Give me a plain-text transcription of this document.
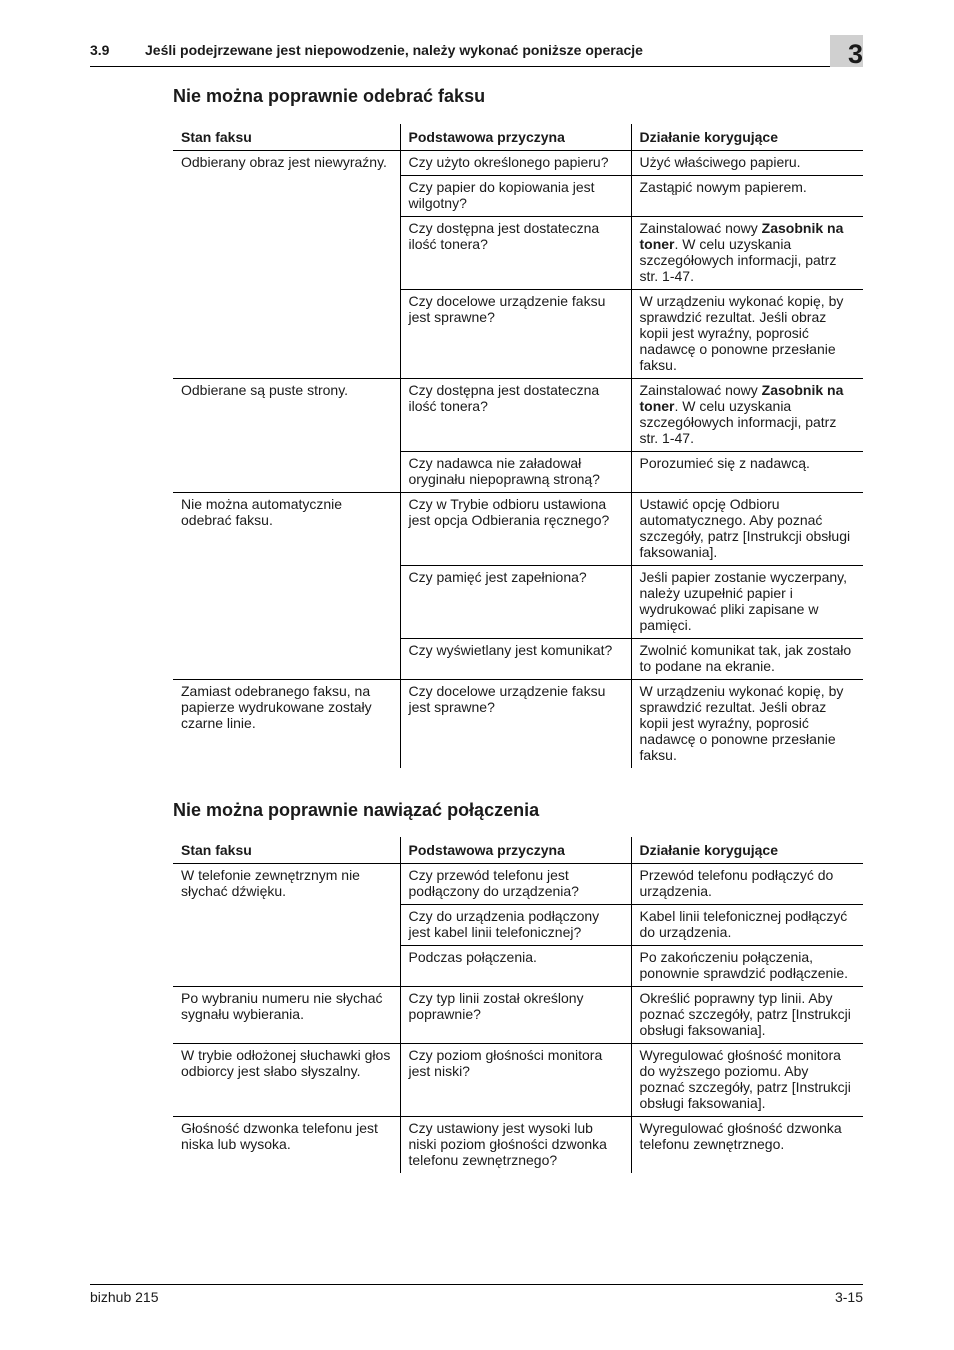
3.9	Jeśli podejrzewane jest niepowodzenie, należy wykonać poniższe operacje	3
Nie można poprawnie odebrać faksu
Stan faksu	Podstawowa przyczyna	Działanie korygujące
Odbierany obraz jest niewyraźny.	Czy użyto określonego papieru?	Użyć właściwego papieru.
	Czy papier do kopiowania jest wilgotny?	Zastąpić nowym papierem.
	Czy dostępna jest dostateczna ilość tonera?	Zainstalować nowy Zasobnik na toner. W celu uzyskania szczegółowych informacji, patrz str. 1-47.
	Czy docelowe urządzenie faksu jest sprawne?	W urządzeniu wykonać kopię, by sprawdzić rezultat. Jeśli obraz kopii jest wyraźny, poprosić nadawcę o ponowne przesłanie faksu.
Odbierane są puste strony.	Czy dostępna jest dostateczna ilość tonera?	Zainstalować nowy Zasobnik na toner. W celu uzyskania szczegółowych informacji, patrz str. 1-47.
	Czy nadawca nie załadował oryginału niepoprawną stroną?	Porozumieć się z nadawcą.
Nie można automatycznie odebrać faksu.	Czy w Trybie odbioru ustawiona jest opcja Odbierania ręcznego?	Ustawić opcję Odbioru automatycznego. Aby poznać szczegóły, patrz [Instrukcji obsługi faksowania].
	Czy pamięć jest zapełniona?	Jeśli papier zostanie wyczerpany, należy uzupełnić papier i wydrukować pliki zapisane w pamięci.
	Czy wyświetlany jest komunikat?	Zwolnić komunikat tak, jak zostało to podane na ekranie.
Zamiast odebranego faksu, na papierze wydrukowane zostały czarne linie.	Czy docelowe urządzenie faksu jest sprawne?	W urządzeniu wykonać kopię, by sprawdzić rezultat. Jeśli obraz kopii jest wyraźny, poprosić nadawcę o ponowne przesłanie faksu.
Nie można poprawnie nawiązać połączenia
Stan faksu	Podstawowa przyczyna	Działanie korygujące
W telefonie zewnętrznym nie słychać dźwięku.	Czy przewód telefonu jest podłączony do urządzenia?	Przewód telefonu podłączyć do urządzenia.
	Czy do urządzenia podłączony jest kabel linii telefonicznej?	Kabel linii telefonicznej podłączyć do urządzenia.
	Podczas połączenia.	Po zakończeniu połączenia, ponownie sprawdzić podłączenie.
Po wybraniu numeru nie słychać sygnału wybierania.	Czy typ linii został określony poprawnie?	Określić poprawny typ linii. Aby poznać szczegóły, patrz [Instrukcji obsługi faksowania].
W trybie odłożonej słuchawki głos odbiorcy jest słabo słyszalny.	Czy poziom głośności monitora jest niski?	Wyregulować głośność monitora do wyższego poziomu. Aby poznać szczegóły, patrz [Instrukcji obsługi faksowania].
Głośność dzwonka telefonu jest niska lub wysoka.	Czy ustawiony jest wysoki lub niski poziom głośności dzwonka telefonu zewnętrznego?	Wyregulować głośność dzwonka telefonu zewnętrznego.
bizhub 215	3-15
